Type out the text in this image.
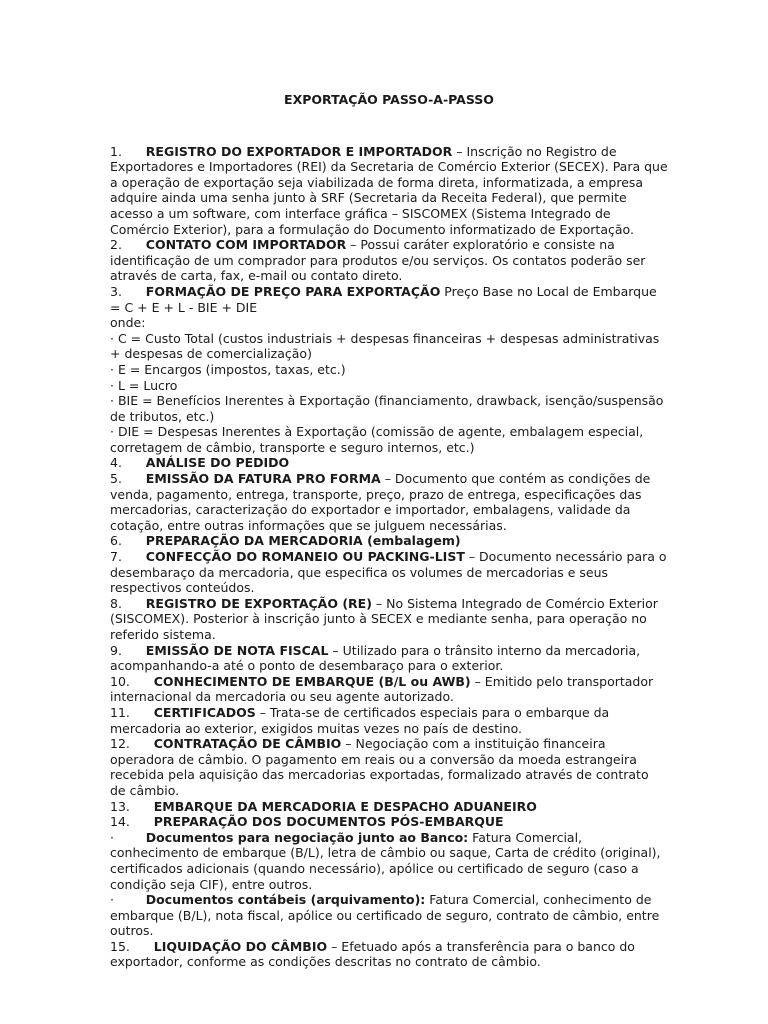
EXPORTAÇÃO PASSO-A-PASSO

1. REGISTRO DO EXPORTADOR E IMPORTADOR – Inscrição no Registro de Exportadores e Importadores (REI) da Secretaria de Comércio Exterior (SECEX). Para que a operação de exportação seja viabilizada de forma direta, informatizada, a empresa adquire ainda uma senha junto à SRF (Secretaria da Receita Federal), que permite acesso a um software, com interface gráfica – SISCOMEX (Sistema Integrado de Comércio Exterior), para a formulação do Documento informatizado de Exportação.

2. CONTATO COM IMPORTADOR – Possui caráter exploratório e consiste na identificação de um comprador para produtos e/ou serviços. Os contatos poderão ser através de carta, fax, e-mail ou contato direto.

3. FORMAÇÃO DE PREÇO PARA EXPORTAÇÃO Preço Base no Local de Embarque = C + E + L - BIE + DIE

onde:

· C = Custo Total (custos industriais + despesas financeiras + despesas administrativas + despesas de comercialização)

· E = Encargos (impostos, taxas, etc.)

· L = Lucro

· BIE = Benefícios Inerentes à Exportação (financiamento, drawback, isenção/suspensão de tributos, etc.)

· DIE = Despesas Inerentes à Exportação (comissão de agente, embalagem especial, corretagem de câmbio, transporte e seguro internos, etc.)

4. ANÁLISE DO PEDIDO

5. EMISSÃO DA FATURA PRO FORMA – Documento que contém as condições de venda, pagamento, entrega, transporte, preço, prazo de entrega, especificações das mercadorias, caracterização do exportador e importador, embalagens, validade da cotação, entre outras informações que se julguem necessárias.

6. PREPARAÇÃO DA MERCADORIA (embalagem)

7. CONFECÇÃO DO ROMANEIO OU PACKING-LIST – Documento necessário para o desembaraço da mercadoria, que especifica os volumes de mercadorias e seus respectivos conteúdos.

8. REGISTRO DE EXPORTAÇÃO (RE) – No Sistema Integrado de Comércio Exterior (SISCOMEX). Posterior à inscrição junto à SECEX e mediante senha, para operação no referido sistema.

9. EMISSÃO DE NOTA FISCAL – Utilizado para o trânsito interno da mercadoria, acompanhando-a até o ponto de desembaraço para o exterior.

10. CONHECIMENTO DE EMBARQUE (B/L ou AWB) – Emitido pelo transportador internacional da mercadoria ou seu agente autorizado.

11. CERTIFICADOS – Trata-se de certificados especiais para o embarque da mercadoria ao exterior, exigidos muitas vezes no país de destino.

12. CONTRATAÇÃO DE CÂMBIO – Negociação com a instituição financeira operadora de câmbio. O pagamento em reais ou a conversão da moeda estrangeira recebida pela aquisição das mercadorias exportadas, formalizado através de contrato de câmbio.

13. EMBARQUE DA MERCADORIA E DESPACHO ADUANEIRO

14. PREPARAÇÃO DOS DOCUMENTOS PÓS-EMBARQUE

·        Documentos para negociação junto ao Banco: Fatura Comercial, conhecimento de embarque (B/L), letra de câmbio ou saque, Carta de crédito (original), certificados adicionais (quando necessário), apólice ou certificado de seguro (caso a condição seja CIF), entre outros.

·        Documentos contábeis (arquivamento): Fatura Comercial, conhecimento de embarque (B/L), nota fiscal, apólice ou certificado de seguro, contrato de câmbio, entre outros.

15. LIQUIDAÇÃO DO CÂMBIO – Efetuado após a transferência para o banco do exportador, conforme as condições descritas no contrato de câmbio.
